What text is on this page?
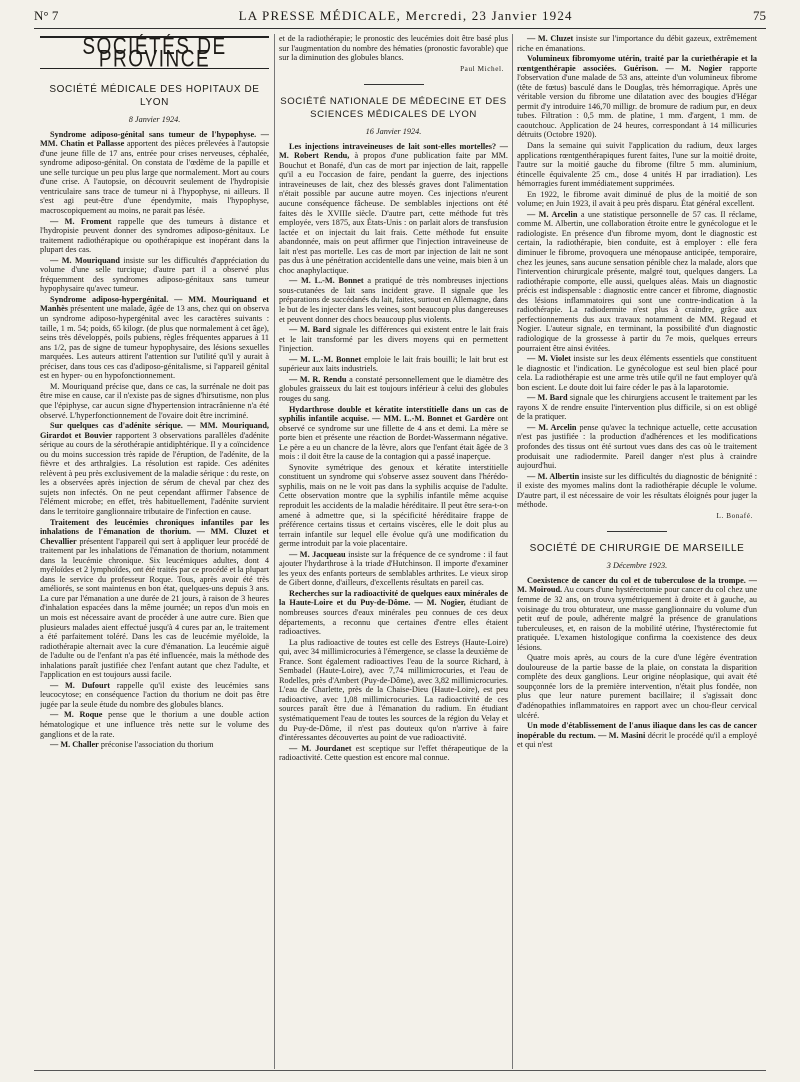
N° 7	LA PRESSE MÉDICALE, Mercredi, 23 Janvier 1924	75
SOCIÉTÉS DE PROVINCE
SOCIÉTÉ MÉDICALE DES HOPITAUX DE LYON
8 Janvier 1924.

Syndrome adiposo-génital sans tumeur de l'hypophyse. — MM. Chatin et Pallasse apportent des pièces prélevées à l'autopsie d'une jeune fille de 17 ans, entrée pour crises nerveuses, céphalée, syndrome adiposo-génital. On constata de l'œdème de la papille et une selle turcique un peu plus large que normalement. Mort au cours d'une crise. A l'autopsie, on découvrit seulement de l'hydropisie ventriculaire sans trace de tumeur ni à l'hypophyse, ni ailleurs. Il s'est agi peut-être d'une épendymite, mais l'hypophyse, macroscopiquement au moins, ne parait pas lésée.

— M. Froment rappelle que des tumeurs à distance et l'hydropisie peuvent donner des syndromes adiposo-génitaux. Le traitement radiothérapique ou opothérapique est inopérant dans la plupart des cas.

— M. Mouriquand insiste sur les difficultés d'appréciation du volume d'une selle turcique; d'autre part il a observé plus fréquemment des syndromes adiposo-génitaux sans tumeur hypophysaire qu'avec tumeur.

Syndrome adiposo-hypergénital. — MM. Mouriquand et Manhès présentent une malade, âgée de 13 ans, chez qui on observa un syndrome adiposo-hypergénital avec les caractères suivants : taille, 1 m. 54; poids, 65 kilogr. (de plus que normalement à cet âge), seins très développés, poils pubiens, règles fréquentes apparues à 11 ans 1/2, pas de signe de tumeur hypophysaire, des lésions sexuelles marquées. Les auteurs attirent l'attention sur l'utilité qu'il y aurait à préciser, dans tous ces cas d'adiposo-génitalisme, si l'appareil génital est en hyper- ou en hypofonctionnement.

M. Mouriquand précise que, dans ce cas, la surrénale ne doit pas être mise en cause, car il n'existe pas de signes d'hirsutisme, non plus que l'épiphyse, car aucun signe d'hypertension intracrânienne n'a été observé. L'hyperfonctionnement de l'ovaire doit être incriminé.

Sur quelques cas d'adénite sérique. — MM. Mouriquand, Girardot et Bouvier rapportent 3 observations parallèles d'adénite sérique au cours de la sérothérapie antidiphtérique. Il y a coïncidence ou du moins succession très rapide de l'éruption, de l'adénite, de la fièvre et des arthralgies. La résolution est rapide. Ces adénites relèvent à peu près exclusivement de la maladie sérique : du reste, on les a observées après injection de sérum de cheval par chez des sujets non infectés. On ne peut cependant affirmer l'absence de l'élément microbe; en effet, très habituellement, l'adénite survient dans le territoire ganglionnaire tributaire de l'infection en cause.

Traitement des leucémies chroniques infantiles par les inhalations de l'émanation de thorium. — MM. Cluzet et Chevallier présentent l'appareil qui sert à appliquer leur procédé de traitement par les inhalations de l'émanation de thorium, notamment dans la leucémie chronique. Six leucémiques adultes, dont 4 myéloïdes et 2 lymphoïdes, ont été traités par ce procédé et la plupart dans le service du professeur Roque. Tous, après avoir été très améliorés, se sont maintenus en bon état, quelques-uns depuis 3 ans. La cure par l'émanation a une durée de 21 jours, à raison de 3 heures d'inhalation espacées dans la même journée; un repos d'un mois en un mois est nécessaire avant de procéder à une autre cure. Bien que plusieurs malades aient effectué jusqu'à 4 cures par an, le traitement a été parfaitement toléré. Dans les cas de leucémie myéloïde, la radiothérapie alternait avec la cure d'émanation. La leucémie aiguë de l'adulte ou de l'enfant n'a pas été influencée, mais la méthode des inhalations paraît justifiée chez l'enfant autant que chez l'adulte, et l'application en est toujours aussi facile.

— M. Dufourt rappelle qu'il existe des leucémies sans leucocytose; en conséquence l'action du thorium ne doit pas être jugée par la seule étude du nombre des globules blancs.

— M. Roque pense que le thorium a une double action hématologique et une influence très nette sur le volume des ganglions et de la rate.

— M. Challer préconise l'association du thorium

et de la radiothérapie; le pronostic des leucémies doit être basé plus sur l'augmentation du nombre des hématies (pronostic favorable) que sur la diminution des globules blancs.

Paul Michel.
SOCIÉTÉ NATIONALE DE MÉDECINE ET DES SCIENCES MÉDICALES DE LYON
16 Janvier 1924.

Les injections intraveineuses de lait sont-elles mortelles? — M. Robert Rendu, à propos d'une publication faite par MM. Bouchut et Bonafé, d'un cas de mort par injection de lait, rappelle qu'il a eu l'occasion de faire, pendant la guerre, des injections intraveineuses de lait, chez des blessés graves dont l'alimentation n'était possible par aucune autre moyen. Ces injections n'eurent aucune conséquence fâcheuse. De semblables injections ont été faites dès le XVIIIe siècle. D'autre part, cette méthode fut très employée, vers 1875, aux États-Unis : on parlait alors de transfusion lactée et on injectait du lait frais. Cette méthode fut ensuite abandonnée, mais on peut affirmer que l'injection intraveineuse de lait n'est pas mortelle. Les cas de mort par injection de lait ne sont pas dus à une pénétration accidentelle dans une veine, mais bien à un choc anaphylactique.

— M. L.-M. Bonnet a pratiqué de très nombreuses injections sous-cutanées de lait sans incident grave. Il signale que les préparations de succédanés du lait, faites, surtout en Allemagne, dans le but de les injecter dans les veines, sont beaucoup plus dangereuses et peuvent donner des chocs beaucoup plus violents.

— M. Bard signale les différences qui existent entre le lait frais et le lait transformé par les divers moyens qui en permettent l'injection.

— M. L.-M. Bonnet emploie le lait frais bouilli; le lait brut est supérieur aux laits industriels.

— M. R. Rendu a constaté personnellement que le diamètre des globules graisseux du lait est toujours inférieur à celui des globules rouges du sang.

Hydarthrose double et kératite interstitielle dans un cas de syphilis infantile acquise. — MM. L.-M. Bonnet et Gardère ont observé ce syndrome sur une fillette de 4 ans et demi. La mère se porte bien et présente une réaction de Bordet-Wassermann négative. Le père a eu un chancre de la lèvre, alors que l'enfant était âgée de 3 mois : il doit être la cause de la contagion qui a passé inaperçue.

Synovite symétrique des genoux et kératite interstitielle constituent un syndrome qui s'observe assez souvent dans l'hérédo-syphilis, mais on ne le voit pas dans la syphilis acquise de l'adulte. Cette observation montre que la syphilis infantile même acquise reproduit les accidents de la maladie héréditaire. Il peut être sera-t-on amené à admettre que, si la spécificité héréditaire frappe de préférence certains tissus et certains viscères, elle le doit plus au terrain infantile sur lequel elle évolue qu'à une modification du germe introduit par la voie placentaire.

— M. Jacqueau insiste sur la fréquence de ce syndrome : il faut ajouter l'hydarthrose à la triade d'Hutchinson. Il importe d'examiner les yeux des enfants porteurs de semblables arthrites. Le vieux sirop de Gibert donne, d'ailleurs, d'excellents résultats en pareil cas.

Recherches sur la radioactivité de quelques eaux minérales de la Haute-Loire et du Puy-de-Dôme. — M. Nogier, étudiant de nombreuses sources d'eaux minérales peu connues de ces deux départements, a reconnu que certaines d'entre elles étaient radioactives.

La plus radioactive de toutes est celle des Estreys (Haute-Loire) qui, avec 34 millimicrocuries à l'émergence, se classe la deuxième de France. Sont également radioactives l'eau de la source Richard, à Sembadel (Haute-Loire), avec 7,74 millimicrocuries, et l'eau de Rodelles, près d'Ambert (Puy-de-Dôme), avec 3,82 millimicrocuries. L'eau de Charlette, près de la Chaise-Dieu (Haute-Loire), est peu radioactive, avec 1,08 millimicrocuries. La radioactivité de ces sources paraît être due à l'émanation du radium. En étudiant systématiquement l'eau de toutes les sources de la région du Velay et du Puy-de-Dôme, il n'est pas douteux qu'on n'arrive à faire d'intéressantes découvertes au point de vue radioactivité.

— M. Jourdanet est sceptique sur l'effet thérapeutique de la radioactivité. Cette question est encore mal connue.

— M. Cluzet insiste sur l'importance du débit gazeux, extrêmement riche en émanations.

Volumineux fibromyome utérin, traité par la curiethérapie et la rœntgenthérapie associées. Guérison. — M. Nogier rapporte l'observation d'une malade de 53 ans, atteinte d'un volumineux fibrome (tête de fœtus) basculé dans le Douglas, très hémorragique. Après une véritable version du fibrome une dilatation avec des bougies d'Hégar permit d'y introduire 146,70 milligr. de bromure de radium pur, en deux tubes. Filtration : 0,5 mm. de platine, 1 mm. d'argent, 1 mm. de caoutchouc. Application de 24 heures, correspondant à 14 millicuries détruits (Octobre 1920).

Dans la semaine qui suivit l'application du radium, deux larges applications rœntgenthérapiques furent faites, l'une sur la moitié droite, l'autre sur la moitié gauche du fibrome (filtre 5 mm. aluminium, étincelle équivalente 25 cm., dose 4 unités H par irradiation). Les hémorragies furent immédiatement supprimées.

En 1922, le fibrome avait diminué de plus de la moitié de son volume; en Juin 1923, il avait à peu près disparu. État général excellent.

— M. Arcelin a une statistique personnelle de 57 cas. Il réclame, comme M. Albertin, une collaboration étroite entre le gynécologue et le radiologiste. En présence d'un fibrome myom, dont le diagnostic est certain, la radiothérapie, bien conduite, est à employer : elle fera diminuer le fibrome, provoquera une ménopause anticipée, temporaire, chez les jeunes, sans aucune sensation pénible chez la malade, alors que l'intervention chirurgicale présente, malgré tout, quelques dangers. La radiothérapie comporte, elle aussi, quelques aléas. Mais un diagnostic précis est indispensable : diagnostic entre cancer et fibrome, diagnostic des lésions inflammatoires qui sont une contre-indication à la radiothérapie. La radiodermite n'est plus à craindre, grâce aux perfectionnements dus aux travaux notamment de MM. Regaud et Nogier. L'auteur signale, en terminant, la possibilité d'un diagnostic radiologique de la grossesse à partir du 7e mois, quelques erreurs pourraient être ainsi évitées.

— M. Violet insiste sur les deux éléments essentiels que constituent le diagnostic et l'indication. Le gynécologue est seul bien placé pour cela. La radiothérapie est une arme très utile qu'il ne faut employer qu'à bon escient. Le doute doit lui faire céder le pas à la laparotomie.

— M. Bard signale que les chirurgiens accusent le traitement par les rayons X de rendre ensuite l'intervention plus difficile, si on est obligé de la pratiquer.

— M. Arcelin pense qu'avec la technique actuelle, cette accusation n'est pas justifiée : la production d'adhérences et les modifications profondes des tissus ont été surtout vues dans des cas où le traitement produisait une radiodermite. Pareil danger n'est plus à craindre aujourd'hui.

— M. Albertin insiste sur les difficultés du diagnostic de bénignité : il existe des myomes malins dont la radiothérapie décuple le volume. D'autre part, il est nécessaire de voir les résultats éloignés pour juger la méthode.

L. Bonafé.
SOCIÉTÉ DE CHIRURGIE DE MARSEILLE
3 Décembre 1923.

Coexistence de cancer du col et de tuberculose de la trompe. — M. Moiroud. Au cours d'une hystérectomie pour cancer du col chez une femme de 32 ans, on trouva symétriquement à droite et à gauche, au voisinage du trou obturateur, une masse ganglionnaire du volume d'un petit œuf de poule, adhérente malgré la présence de granulations tuberculeuses, et, en raison de la mobilité utérine, l'hystérectomie fut pratiquée. L'examen histologique confirma la coexistence des deux lésions.

Quatre mois après, au cours de la cure d'une légère éventration douloureuse de la partie basse de la plaie, on constata la disparition complète des deux ganglions. Leur origine néoplasique, qui avait été soupçonnée lors de la première intervention, n'était plus fondée, non plus que leur nature purement bacillaire; il s'agissait donc d'adénopathies inflammatoires en rapport avec un chou-fleur cervical ulcéré.

Un mode d'établissement de l'anus iliaque dans les cas de cancer inopérable du rectum. — M. Masini décrit le procédé qu'il a employé et qui n'est
